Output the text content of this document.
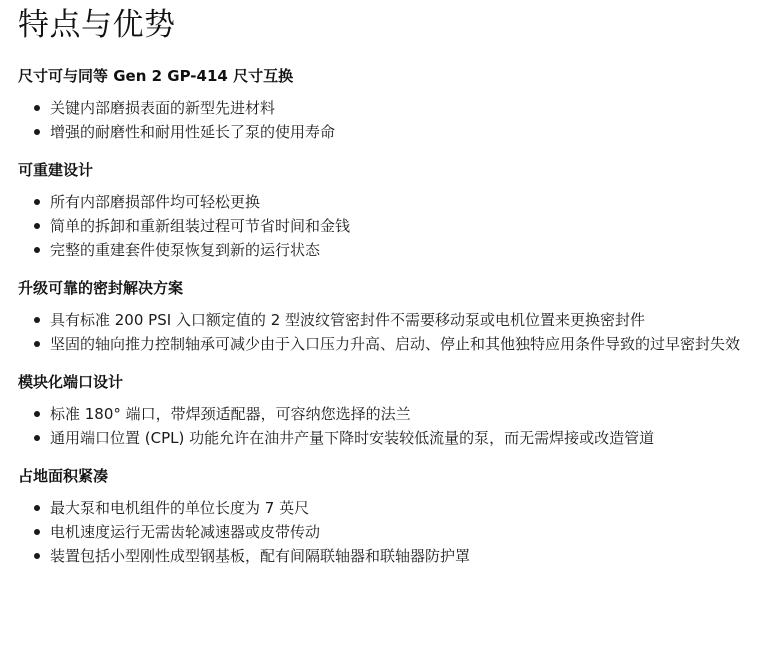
特点与优势
尺寸可与同等 Gen 2 GP-414 尺寸互换
关键内部磨损表面的新型先进材料
增强的耐磨性和耐用性延长了泵的使用寿命
可重建设计
所有内部磨损部件均可轻松更换
简单的拆卸和重新组装过程可节省时间和金钱
完整的重建套件使泵恢复到新的运行状态
升级可靠的密封解决方案
具有标准 200 PSI 入口额定值的 2 型波纹管密封件不需要移动泵或电机位置来更换密封件
坚固的轴向推力控制轴承可减少由于入口压力升高、启动、停止和其他独特应用条件导致的过早密封失效
模块化端口设计
标准 180° 端口，带焊颈适配器，可容纳您选择的法兰
通用端口位置 (CPL) 功能允许在油井产量下降时安装较低流量的泵，而无需焊接或改造管道
占地面积紧凑
最大泵和电机组件的单位长度为 7 英尺
电机速度运行无需齿轮减速器或皮带传动
装置包括小型刚性成型钢基板，配有间隔联轴器和联轴器防护罩
